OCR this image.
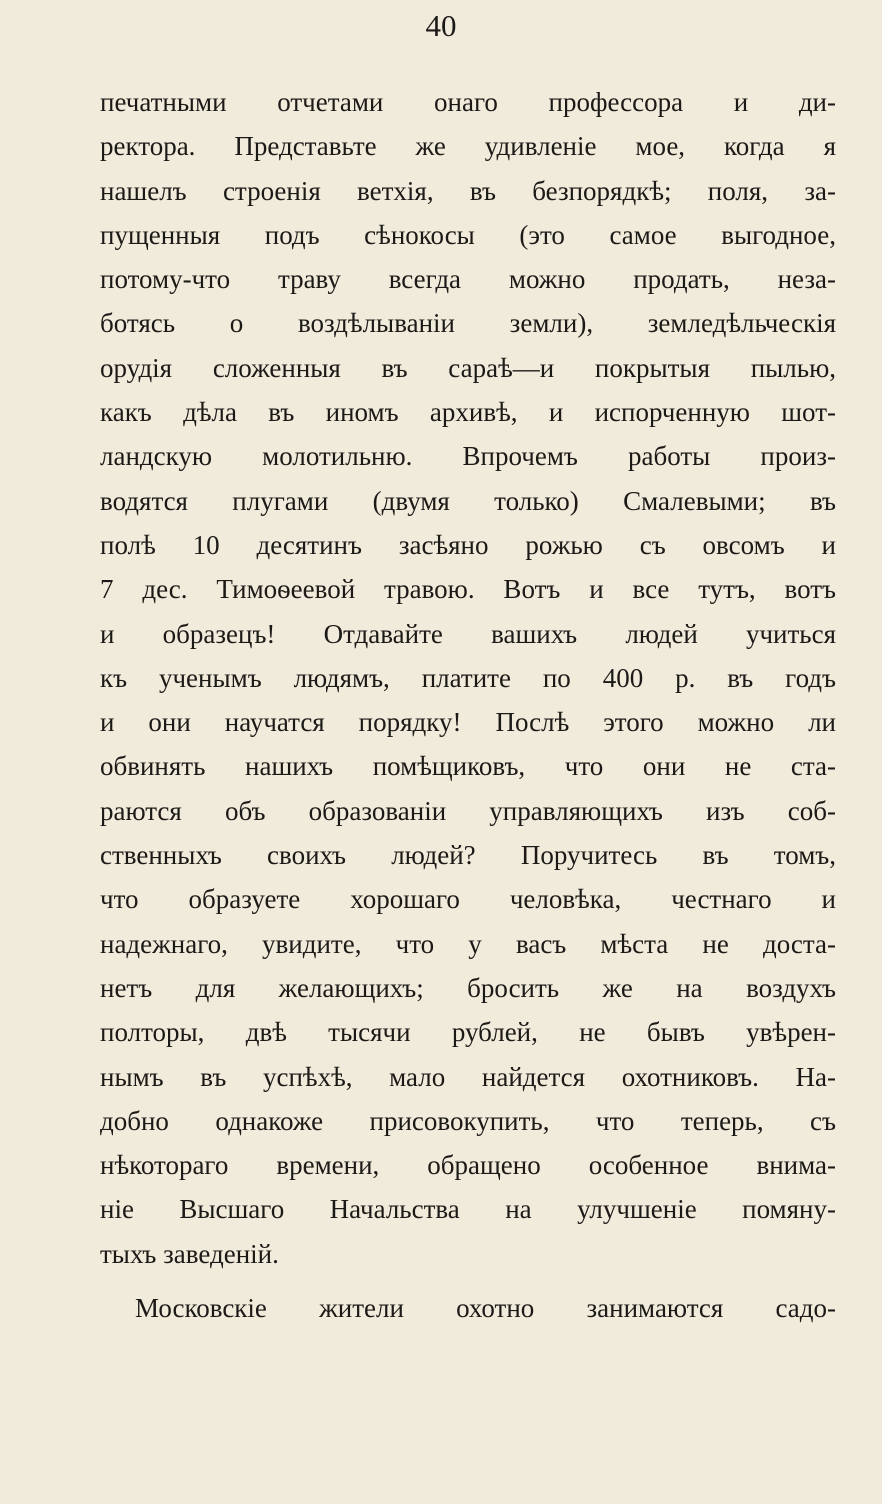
40
печатными отчетами онаго профессора и ди-
ректора. Представьте же удивленіе мое, когда я
нашелъ строенія ветхія, въ безпорядкѣ; поля, за-
пущенныя подъ сѣнокосы (это самое выгодное,
потому-что траву всегда можно продать, неза-
ботясь о воздѣлываніи земли), земледѣльческія
орудія сложенныя въ сараѣ—и покрытыя пылью,
какъ дѣла въ иномъ архивѣ, и испорченную шот-
ландскую молотильню. Впрочемъ работы произ-
водятся плугами (двумя только) Смалевыми; въ
полѣ 10 десятинъ засѣяно рожью съ овсомъ и
7 дес. Тимоѳеевой травою. Вотъ и все тутъ, вотъ
и образецъ! Отдавайте вашихъ людей учиться
къ ученымъ людямъ, платите по 400 р. въ годъ
и они научатся порядку! Послѣ этого можно ли
обвинять нашихъ помѣщиковъ, что они не ста-
раются объ образованіи управляющихъ изъ соб-
ственныхъ своихъ людей? Поручитесь въ томъ,
что образуете хорошаго человѣка, честнаго и
надежнаго, увидите, что у васъ мѣста не доста-
нетъ для желающихъ; бросить же на воздухъ
полторы, двѣ тысячи рублей, не бывъ увѣрен-
нымъ въ успѣхѣ, мало найдется охотниковъ. На-
добно однакоже присовокупить, что теперь, съ
нѣкотораго времени, обращено особенное внима-
ніе Высшаго Начальства на улучшеніе помяну-
тыхъ заведеній.
Московскіе жители охотно занимаются садо-
